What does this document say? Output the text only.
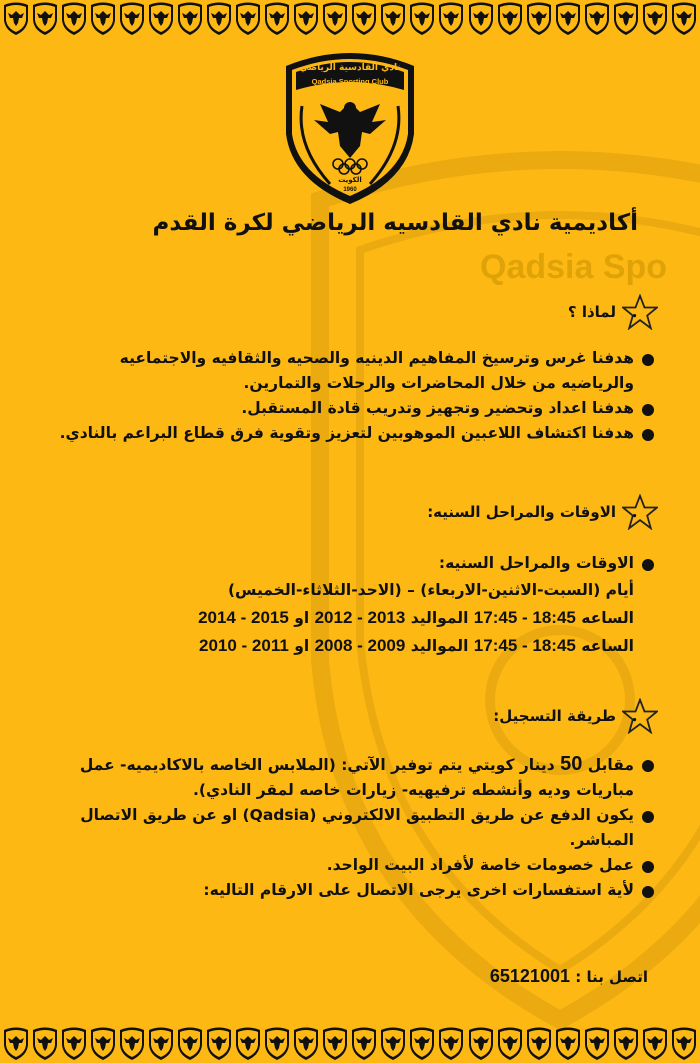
Qadsia Spo
نادي القادسية الرياضي
Qadsia Sporting Club
الكويت
1960
أكاديمية نادي القادسيه الرياضي لكرة القدم
لماذا ؟
هدفنا غرس وترسيخ المفاهيم الدينيه والصحيه والثقافيه والاجتماعيه والرياضيه من خلال المحاضرات والرحلات والتمارين.
هدفنا اعداد وتحضير وتجهيز وتدريب قادة المستقبل.
هدفنا اكتشاف اللاعبين الموهوبين لتعزيز وتقوية فرق قطاع البراعم بالنادي.
الاوقات والمراحل السنيه:
الاوقات والمراحل السنيه:
أيام (السبت-الاثنين-الاربعاء) – (الاحد-الثلاثاء-الخميس)
الساعه 17:45 - 18:45 المواليد 2012 - 2013 او 2014 - 2015
الساعه 17:45 - 18:45 المواليد 2008 - 2009 او 2010 - 2011
طريقة التسجيل:
مقابل 50 دينار كويتي يتم توفير الآتي: (الملابس الخاصه بالاكاديميه- عمل مباريات وديه وأنشطه ترفيهيه- زيارات خاصه لمقر النادي).
يكون الدفع عن طريق التطبيق الالكتروني (Qadsia) او عن طريق الاتصال المباشر.
عمل خصومات خاصة لأفراد البيت الواحد.
لأية استفسارات اخرى يرجى الاتصال على الارقام التاليه:
اتصل بنا : 65121001
